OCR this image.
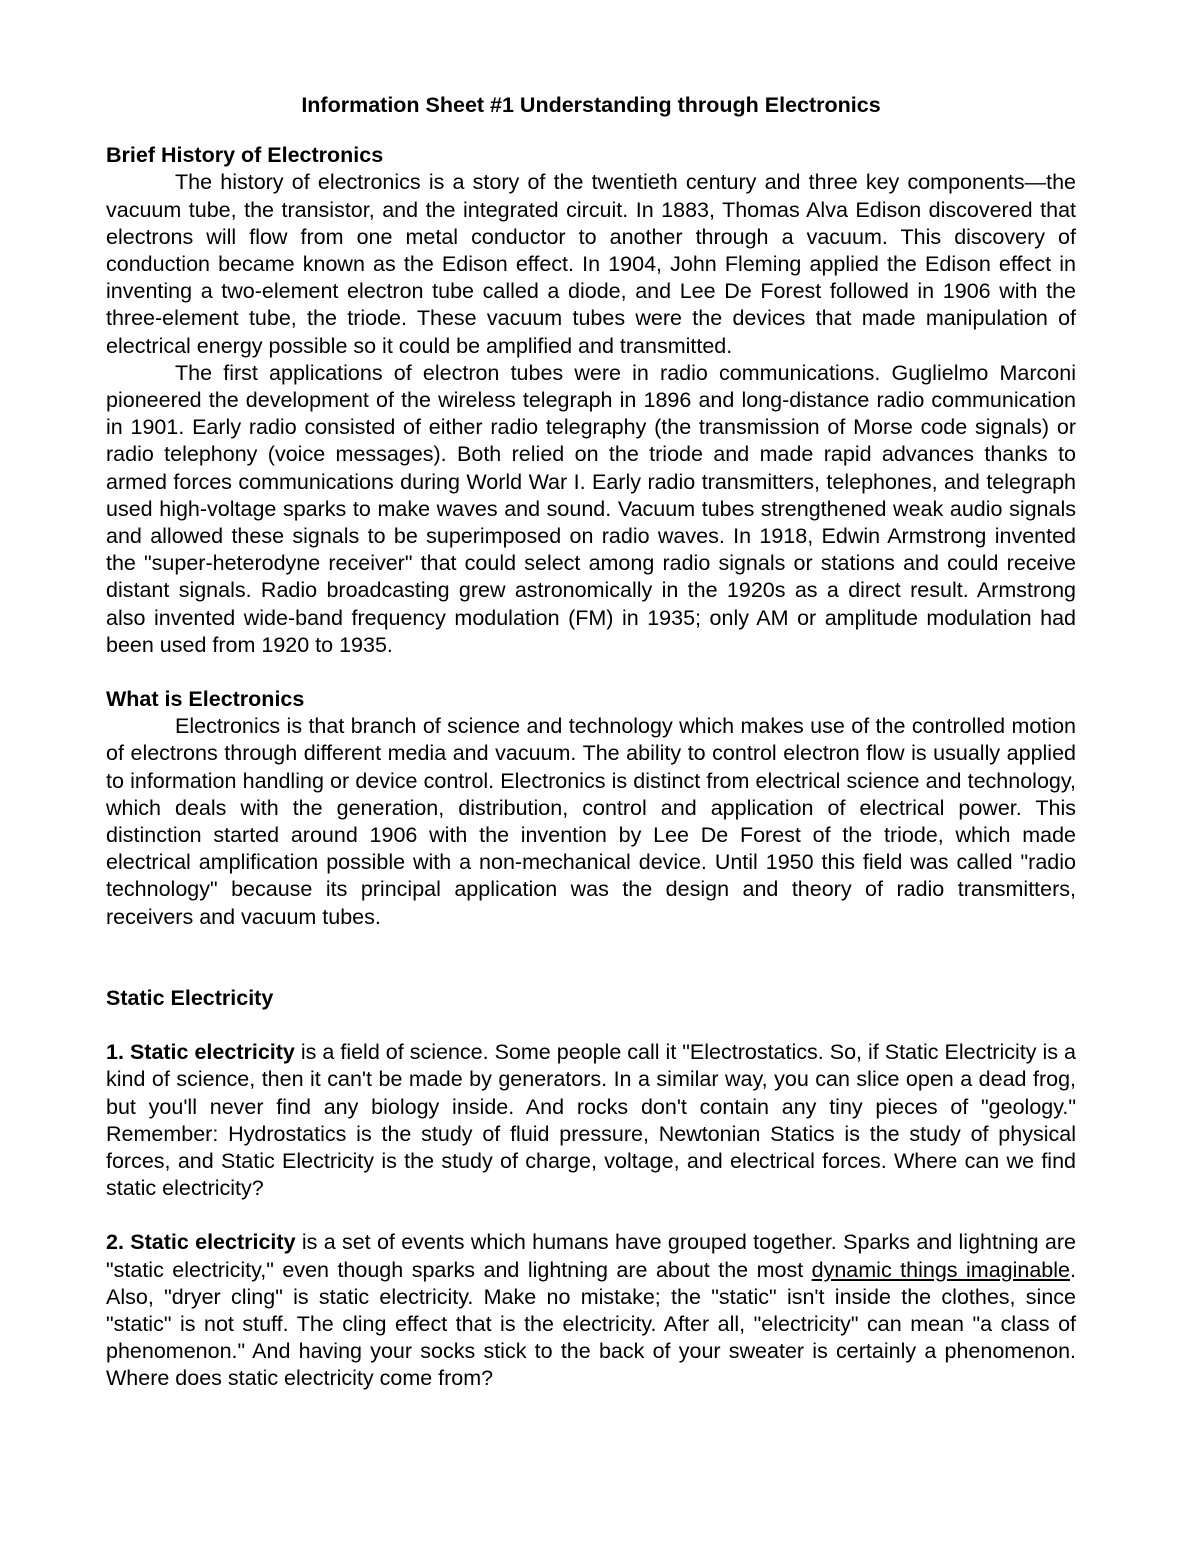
Information Sheet #1 Understanding through Electronics
Brief History of Electronics

The history of electronics is a story of the twentieth century and three key components—the vacuum tube, the transistor, and the integrated circuit. In 1883, Thomas Alva Edison discovered that electrons will flow from one metal conductor to another through a vacuum. This discovery of conduction became known as the Edison effect. In 1904, John Fleming applied the Edison effect in inventing a two-element electron tube called a diode, and Lee De Forest followed in 1906 with the three-element tube, the triode. These vacuum tubes were the devices that made manipulation of electrical energy possible so it could be amplified and transmitted.

The first applications of electron tubes were in radio communications. Guglielmo Marconi pioneered the development of the wireless telegraph in 1896 and long-distance radio communication in 1901. Early radio consisted of either radio telegraphy (the transmission of Morse code signals) or radio telephony (voice messages). Both relied on the triode and made rapid advances thanks to armed forces communications during World War I. Early radio transmitters, telephones, and telegraph used high-voltage sparks to make waves and sound. Vacuum tubes strengthened weak audio signals and allowed these signals to be superimposed on radio waves. In 1918, Edwin Armstrong invented the "super-heterodyne receiver" that could select among radio signals or stations and could receive distant signals. Radio broadcasting grew astronomically in the 1920s as a direct result. Armstrong also invented wide-band frequency modulation (FM) in 1935; only AM or amplitude modulation had been used from 1920 to 1935.

What is Electronics

Electronics is that branch of science and technology which makes use of the controlled motion of electrons through different media and vacuum. The ability to control electron flow is usually applied to information handling or device control. Electronics is distinct from electrical science and technology, which deals with the generation, distribution, control and application of electrical power. This distinction started around 1906 with the invention by Lee De Forest of the triode, which made electrical amplification possible with a non-mechanical device. Until 1950 this field was called "radio technology" because its principal application was the design and theory of radio transmitters, receivers and vacuum tubes.

Static Electricity

1. Static electricity is a field of science. Some people call it "Electrostatics. So, if Static Electricity is a kind of science, then it can't be made by generators. In a similar way, you can slice open a dead frog, but you'll never find any biology inside. And rocks don't contain any tiny pieces of "geology." Remember: Hydrostatics is the study of fluid pressure, Newtonian Statics is the study of physical forces, and Static Electricity is the study of charge, voltage, and electrical forces. Where can we find static electricity?

2. Static electricity is a set of events which humans have grouped together. Sparks and lightning are "static electricity," even though sparks and lightning are about the most dynamic things imaginable. Also, "dryer cling" is static electricity. Make no mistake; the "static" isn't inside the clothes, since "static" is not stuff. The cling effect that is the electricity. After all, "electricity" can mean "a class of phenomenon." And having your socks stick to the back of your sweater is certainly a phenomenon. Where does static electricity come from?
